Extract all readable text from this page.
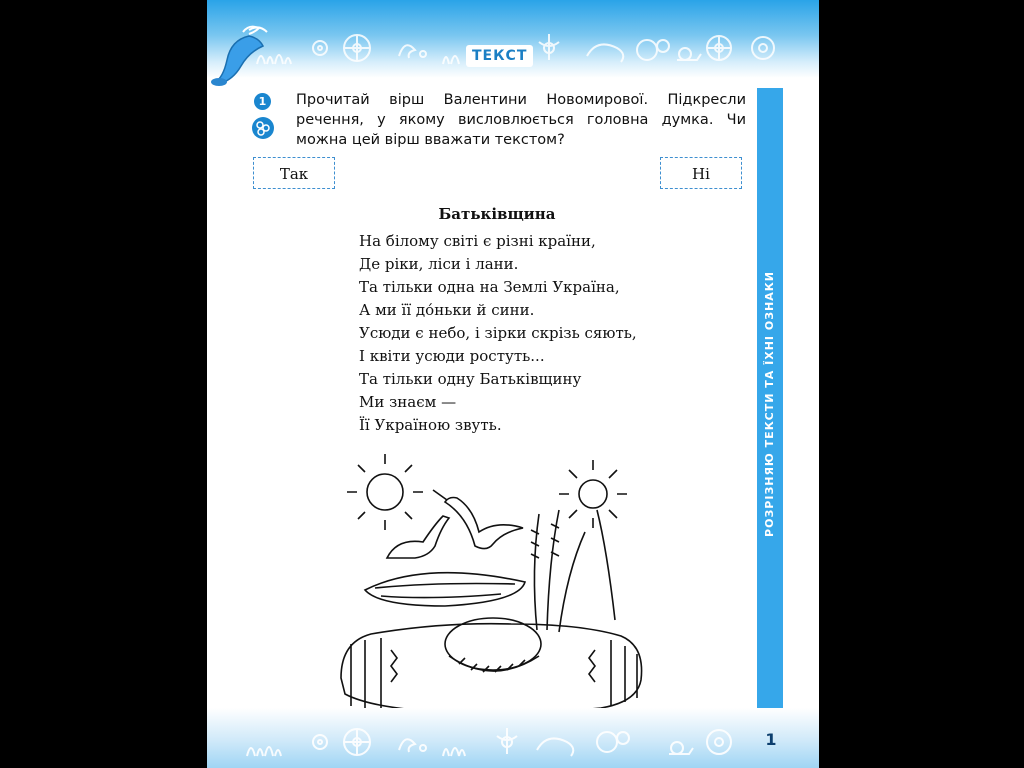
ТЕКСТ
РОЗРІЗНЯЮ ТЕКСТИ ТА ЇХНІ ОЗНАКИ
1	Прочитай вірш Валентини Новомирової. Підкресли речення, у якому висловлюється головна думка. Чи можна цей вірш вважати текстом?
Так	Ні
Батьківщина
На білому світі є різні країни,
Де ріки, ліси і лани.
Та тільки одна на Землі Україна,
А ми її до́ньки й сини.
Усюди є небо, і зірки скрізь сяють,
І квіти усюди ростуть...
Та тільки одну Батьківщину
Ми знаєм —
Її Україною звуть.
1
